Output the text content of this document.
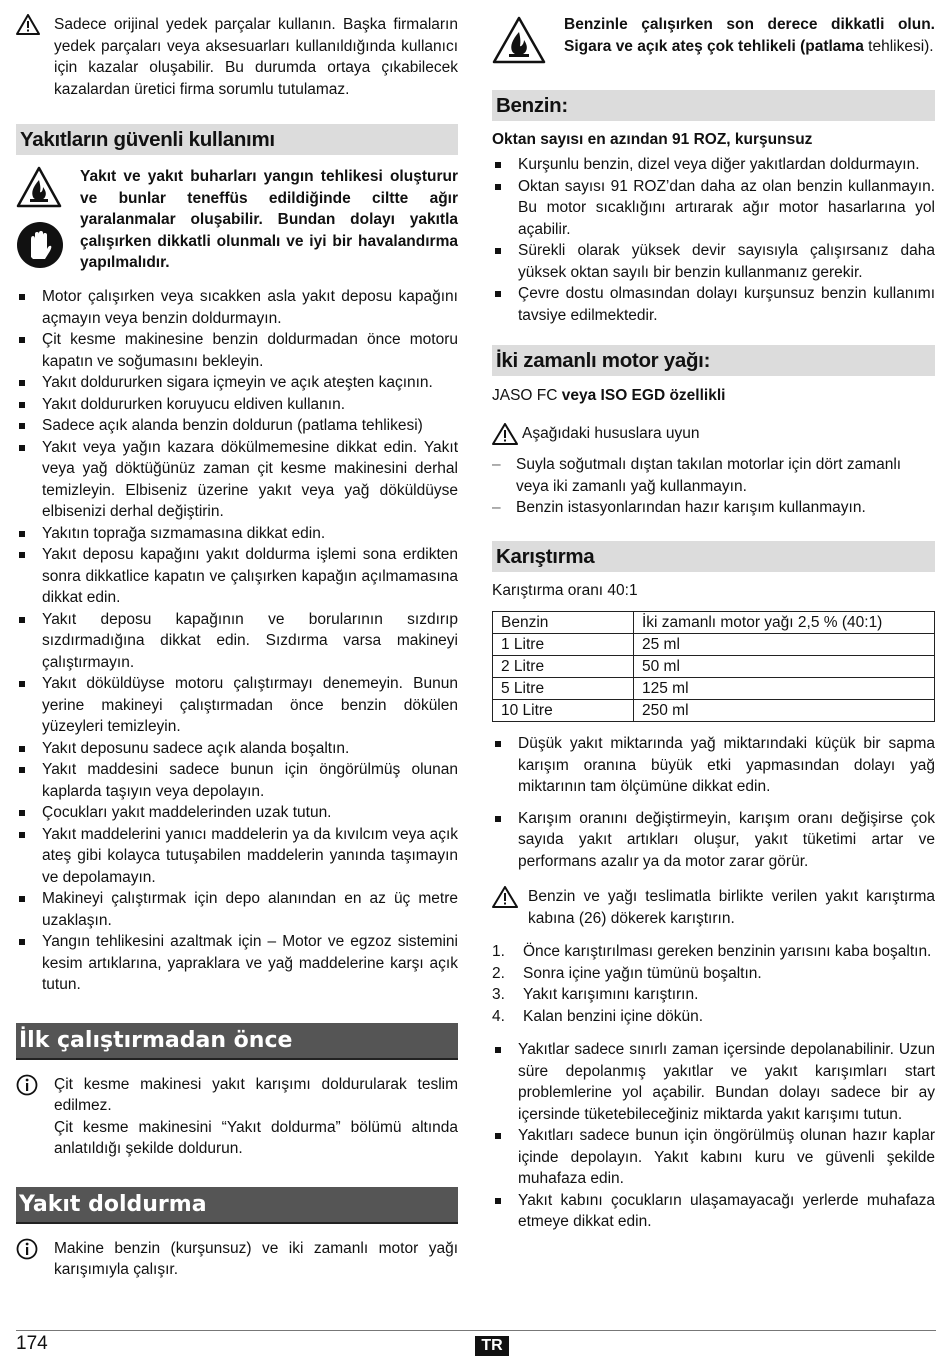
Sadece orijinal yedek parçalar kullanın. Başka firmaların yedek parçaları veya aksesuarları kullanıldığında kullanıcı için kazalar oluşabilir. Bu durumda ortaya çıkabilecek kazalardan üretici firma sorumlu tutulamaz.

Yakıtların güvenli kullanımı

Yakıt ve yakıt buharları yangın tehlikesi oluşturur ve bunlar teneffüs edildiğinde ciltte ağır yaralanmalar oluşabilir. Bundan dolayı yakıtla çalışırken dikkatli olunmalı ve iyi bir havalandırma yapılmalıdır.

Motor çalışırken veya sıcakken asla yakıt deposu kapağını açmayın veya benzin doldurmayın.
Çit kesme makinesine benzin doldurmadan önce motoru kapatın ve soğumasını bekleyin.
Yakıt doldururken sigara içmeyin ve açık ateşten kaçının.
Yakıt doldururken koruyucu eldiven kullanın.
Sadece açık alanda benzin doldurun (patlama tehlikesi)
Yakıt veya yağın kazara dökülmemesine dikkat edin. Yakıt veya yağ döktüğünüz zaman çit kesme makinesini derhal temizleyin. Elbiseniz üzerine yakıt veya yağ döküldüyse elbisenizi derhal değiştirin.
Yakıtın toprağa sızmamasına dikkat edin.
Yakıt deposu kapağını yakıt doldurma işlemi sona erdikten sonra dikkatlice kapatın ve çalışırken kapağın açılmamasına dikkat edin.
Yakıt deposu kapağının ve borularının sızdırıp sızdırmadığına dikkat edin. Sızdırma varsa makineyi çalıştırmayın.
Yakıt döküldüyse motoru çalıştırmayı denemeyin. Bunun yerine makineyi çalıştırmadan önce benzin dökülen yüzeyleri temizleyin.
Yakıt deposunu sadece açık alanda boşaltın.
Yakıt maddesini sadece bunun için öngörülmüş olunan kaplarda taşıyın veya depolayın.
Çocukları yakıt maddelerinden uzak tutun.
Yakıt maddelerini yanıcı maddelerin ya da kıvılcım veya açık ateş gibi kolayca tutuşabilen maddelerin yanında taşımayın ve depolamayın.
Makineyi çalıştırmak için depo alanından en az üç metre uzaklaşın.
Yangın tehlikesini azaltmak için – Motor ve egzoz sistemini kesim artıklarına, yapraklara ve yağ maddelerine karşı açık tutun.
İlk çalıştırmadan önce

Çit kesme makinesi yakıt karışımı doldurularak teslim edilmez.

Çit kesme makinesini “Yakıt doldurma” bölümü altında anlatıldığı şekilde doldurun.

Yakıt doldurma

Makine benzin (kurşunsuz) ve iki zamanlı motor yağı karışımıyla çalışır.

Benzinle çalışırken son derece dikkatli olun. Sigara ve açık ateş çok tehlikeli (patlama tehlikesi).

Benzin:

Oktan sayısı en azından 91 ROZ, kurşunsuz

Kurşunlu benzin, dizel veya diğer yakıtlardan doldurmayın.
Oktan sayısı 91 ROZ’dan daha az olan benzin kullanmayın. Bu motor sıcaklığını artırarak ağır motor hasarlarına yol açabilir.
Sürekli olarak yüksek devir sayısıyla çalışırsanız daha yüksek oktan sayılı bir benzin kullanmanız gerekir.
Çevre dostu olmasından dolayı kurşunsuz benzin kullanımı tavsiye edilmektedir.
İki zamanlı motor yağı:

JASO FC veya ISO EGD özellikli

Aşağıdaki hususlara uyun

– Suyla soğutmalı dıştan takılan motorlar için dört zamanlı veya iki zamanlı yağ kullanmayın.
– Benzin istasyonlarından hazır karışım kullanmayın.
Karıştırma

Karıştırma oranı 40:1

Benzin	İki zamanlı motor yağı 2,5 % (40:1)
1 Litre	25 ml
2 Litre	50 ml
5 Litre	125 ml
10 Litre	250 ml
Düşük yakıt miktarında yağ miktarındaki küçük bir sapma karışım oranına büyük etki yapmasından dolayı yağ miktarının tam ölçümüne dikkat edin.
Karışım oranını değiştirmeyin, karışım oranı değişirse çok sayıda yakıt artıkları oluşur, yakıt tüketimi artar ve performans azalır ya da motor zarar görür.

Benzin ve yağı teslimatla birlikte verilen yakıt karıştırma kabına (26) dökerek karıştırın.

1. Önce karıştırılması gereken benzinin yarısını kaba boşaltın.
2. Sonra içine yağın tümünü boşaltın.
3. Yakıt karışımını karıştırın.
4. Kalan benzini içine dökün.
Yakıtlar sadece sınırlı zaman içersinde depolanabilinir. Uzun süre depolanmış yakıtlar ve yakıt karışımları start problemlerine yol açabilir. Bundan dolayı sadece bir ay içersinde tüketebileceğiniz miktarda yakıt karışımı tutun.
Yakıtları sadece bunun için öngörülmüş olunan hazır kaplar içinde depolayın. Yakıt kabını kuru ve güvenli şekilde muhafaza edin.
Yakıt kabını çocukların ulaşamayacağı yerlerde muhafaza etmeye dikkat edin.
174	TR
